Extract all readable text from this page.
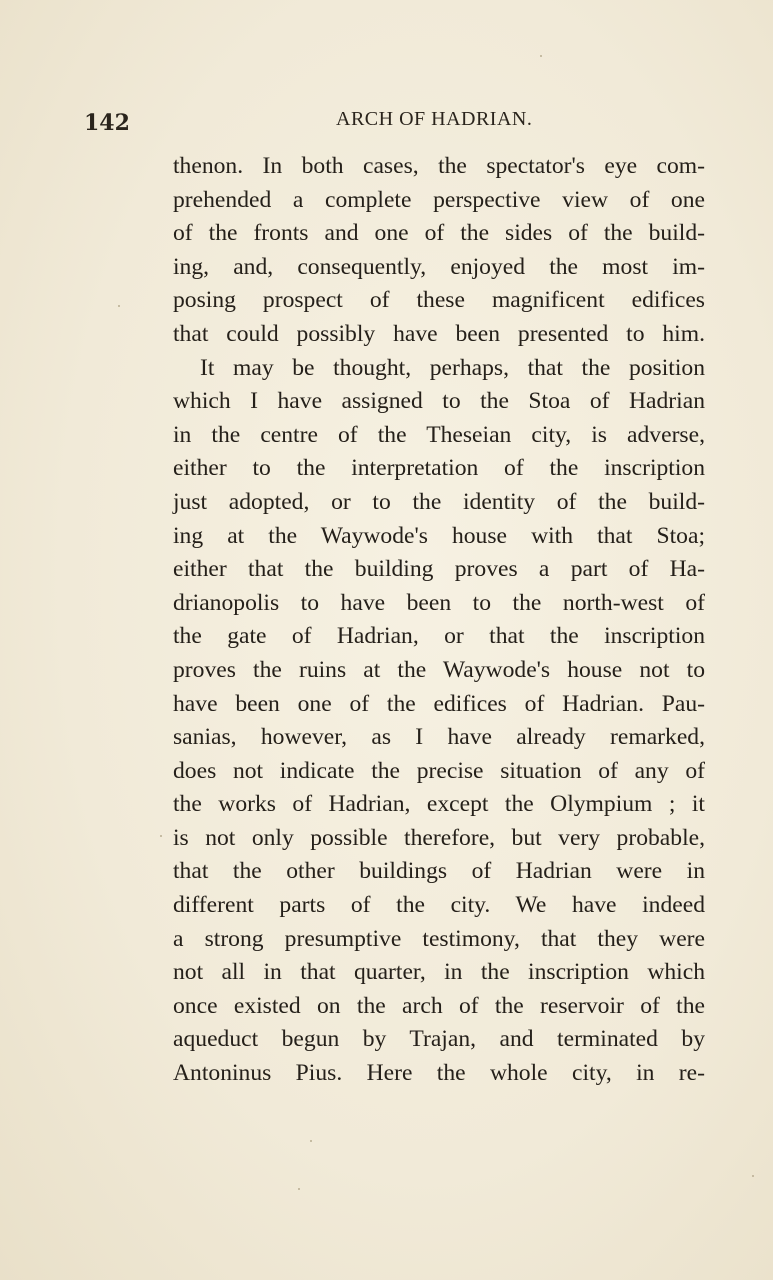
142	ARCH OF HADRIAN.
thenon. In both cases, the spectator's eye com-
prehended a complete perspective view of one
of the fronts and one of the sides of the build-
ing, and, consequently, enjoyed the most im-
posing prospect of these magnificent edifices
that could possibly have been presented to him.
It may be thought, perhaps, that the position
which I have assigned to the Stoa of Hadrian
in the centre of the Theseian city, is adverse,
either to the interpretation of the inscription
just adopted, or to the identity of the build-
ing at the Waywode's house with that Stoa;
either that the building proves a part of Ha-
drianopolis to have been to the north-west of
the gate of Hadrian, or that the inscription
proves the ruins at the Waywode's house not to
have been one of the edifices of Hadrian. Pau-
sanias, however, as I have already remarked,
does not indicate the precise situation of any of
the works of Hadrian, except the Olympium ; it
is not only possible therefore, but very probable,
that the other buildings of Hadrian were in
different parts of the city. We have indeed
a strong presumptive testimony, that they were
not all in that quarter, in the inscription which
once existed on the arch of the reservoir of the
aqueduct begun by Trajan, and terminated by
Antoninus Pius. Here the whole city, in re-
